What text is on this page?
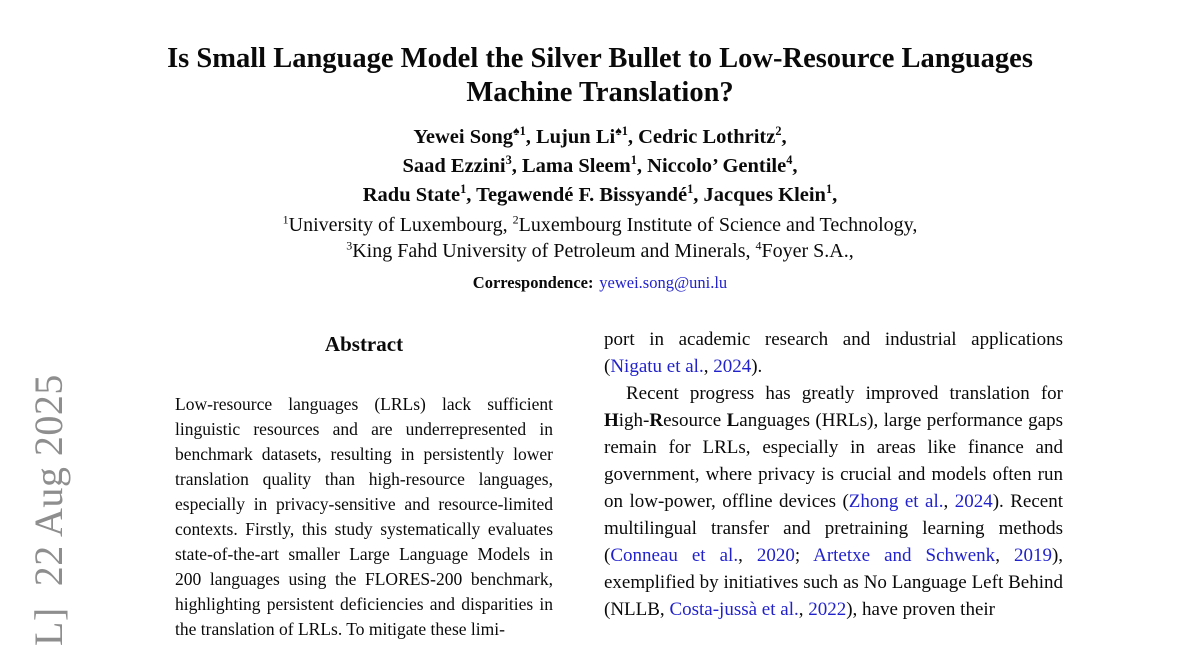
L]  22 Aug 2025
Is Small Language Model the Silver Bullet to Low-Resource Languages
Machine Translation?
Yewei Song$^{♠1}$, Lujun $Li^{♠1}$, Cedric Lothritz$^2$,
Saad Ezzini$^3$, Lama Sleem$^1$, Niccolo’ Gentile$^4$,
Radu State$^1$, Tegawendé F. Bissyandé$^1$, Jacques Klein$^1$,
$^1$University of Luxembourg, $^2$Luxembourg Institute of Science and Technology,
$^3$King Fahd University of Petroleum and Minerals, $^4$Foyer S.A.,
Correspondence: yewei.song@uni.lu
Abstract

Low-resource languages (LRLs) lack sufficient linguistic resources and are underrepresented in benchmark datasets, resulting in persistently lower translation quality than high-resource languages, especially in privacy-sensitive and resource-limited contexts. Firstly, this study systematically evaluates state-of-the-art smaller Large Language Models in 200 languages using the FLORES-200 benchmark, highlighting persistent deficiencies and disparities in the translation of LRLs. To mitigate these limi-

port in academic research and industrial applications (Nigatu et al., 2024).

Recent progress has greatly improved translation for High-Resource Languages (HRLs), large performance gaps remain for LRLs, especially in areas like finance and government, where privacy is crucial and models often run on low-power, offline devices (Zhong et al., 2024). Recent multilingual transfer and pretraining learning methods (Conneau et al., 2020; Artetxe and Schwenk, 2019), exemplified by initiatives such as No Language Left Behind (NLLB, Costa-jussà et al., 2022), have proven their
